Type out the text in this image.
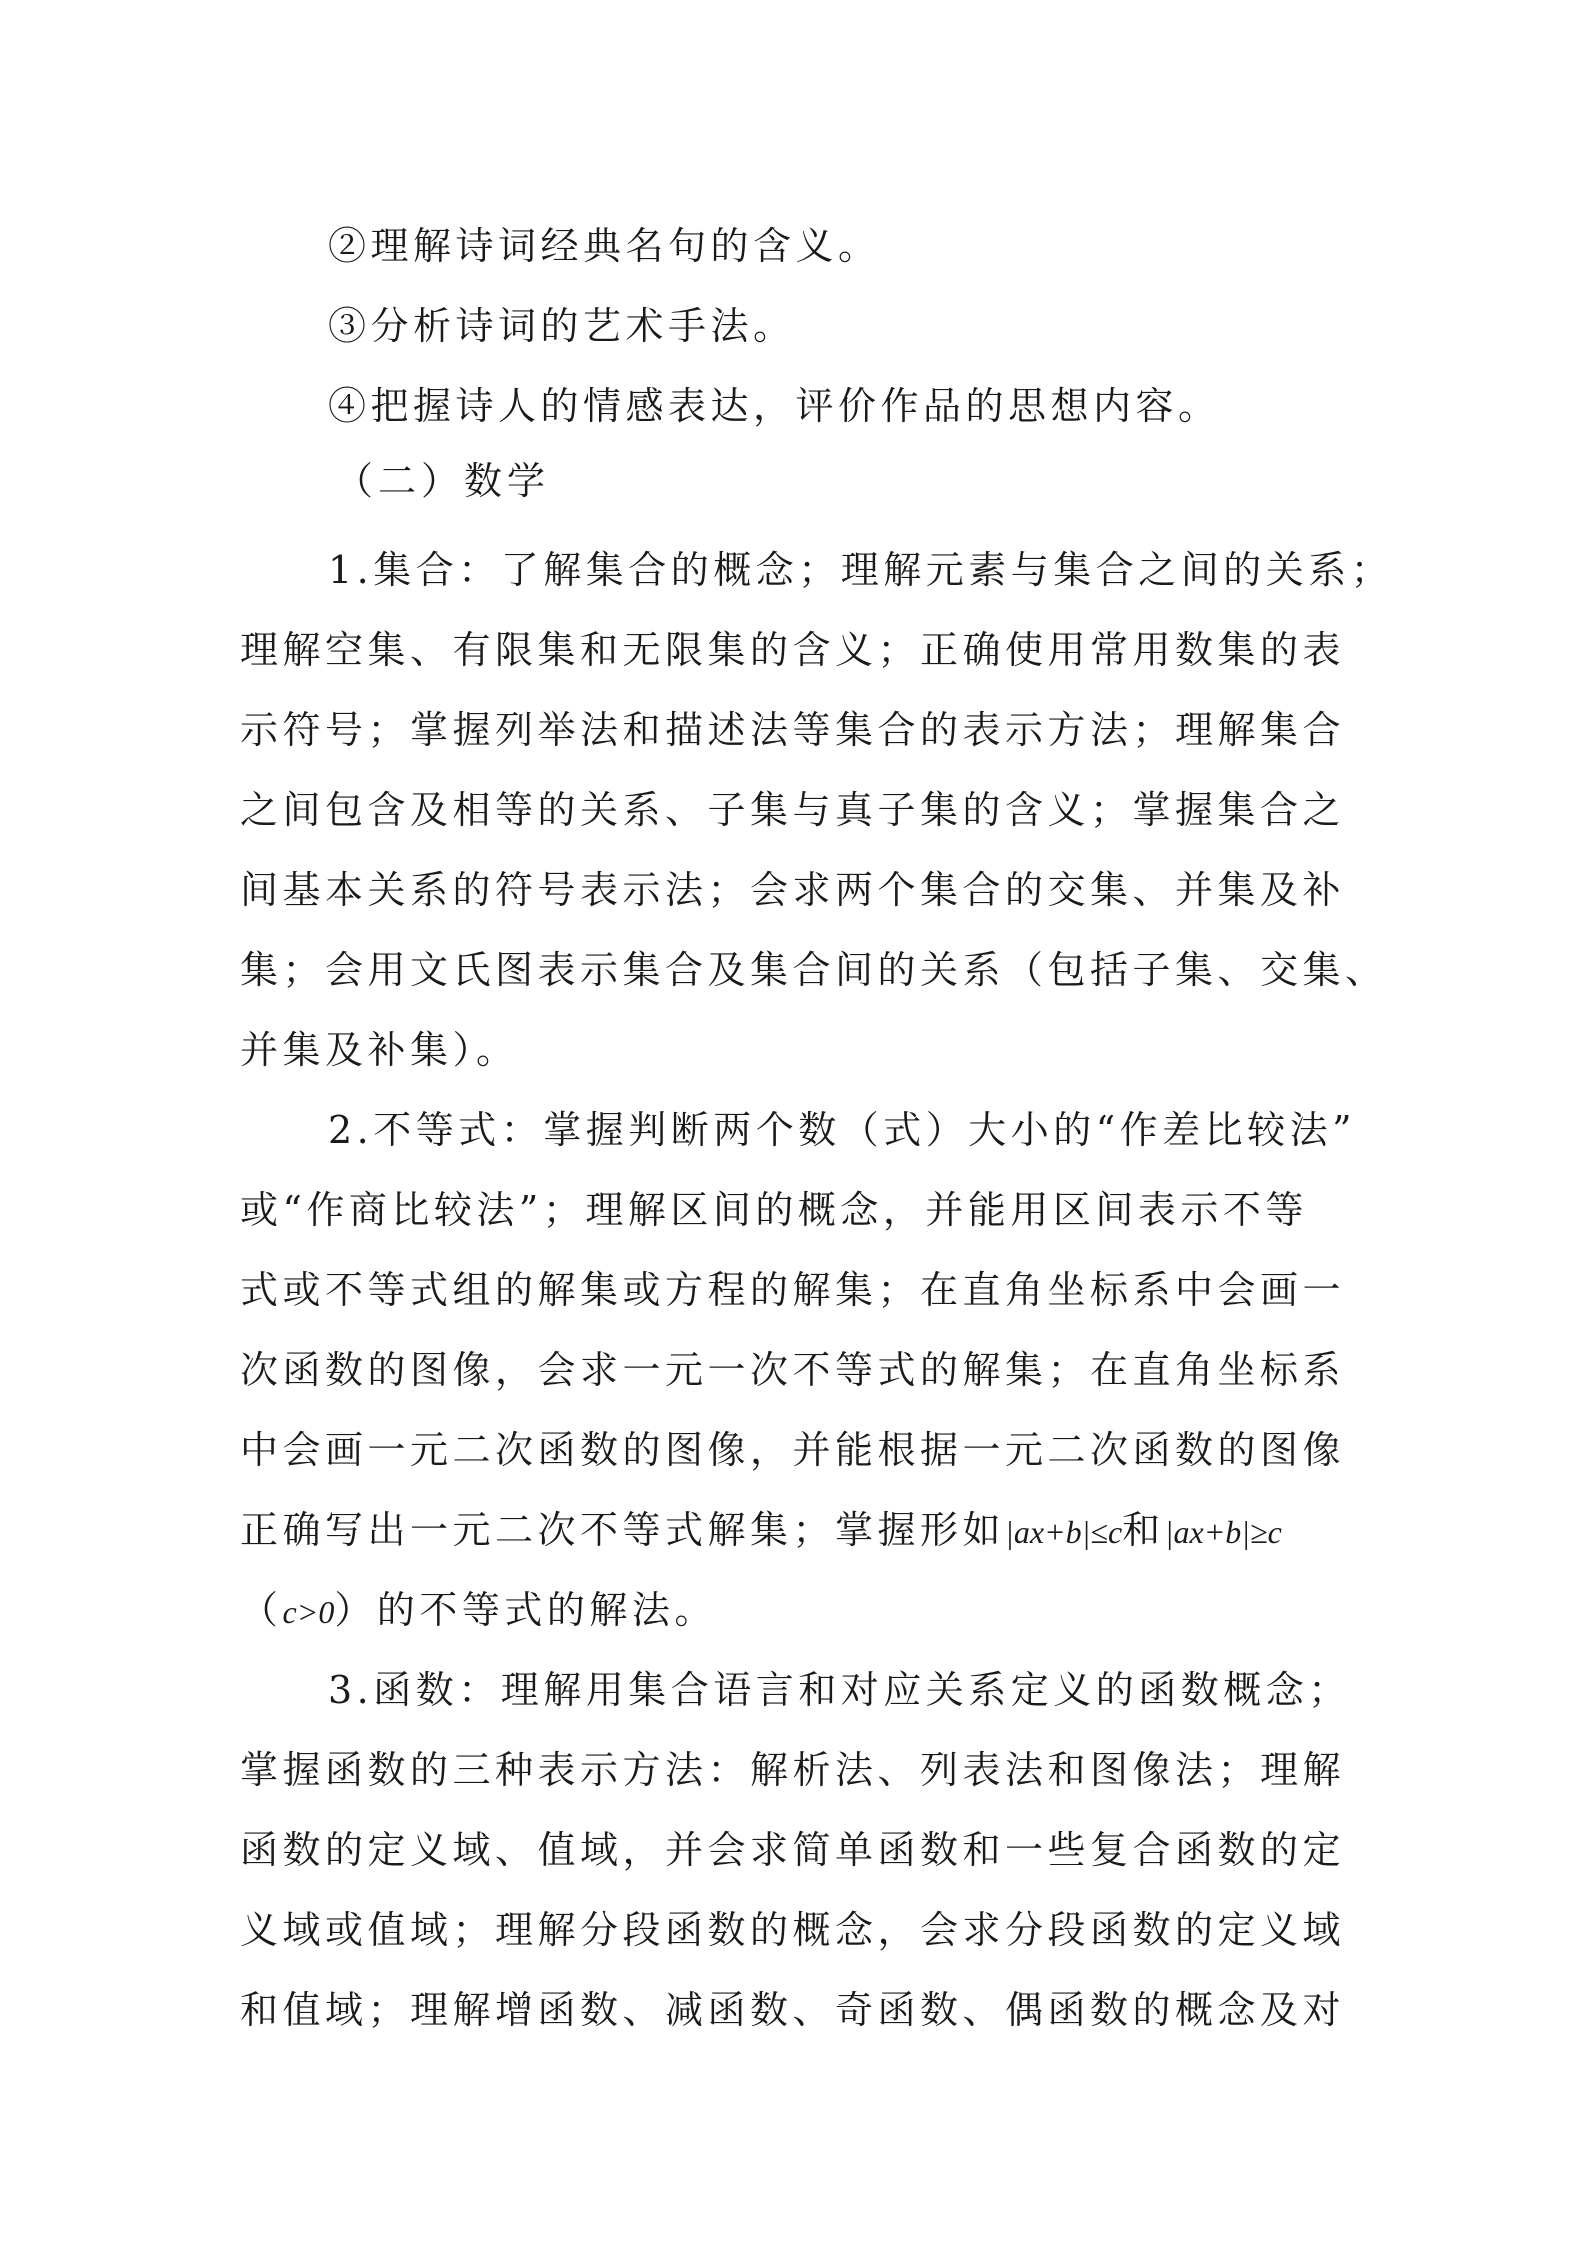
②理解诗词经典名句的含义。
③分析诗词的艺术手法。
④把握诗人的情感表达，评价作品的思想内容。
（二）数学
1.集合：了解集合的概念；理解元素与集合之间的关系；
理解空集、有限集和无限集的含义；正确使用常用数集的表
示符号；掌握列举法和描述法等集合的表示方法；理解集合
之间包含及相等的关系、子集与真子集的含义；掌握集合之
间基本关系的符号表示法；会求两个集合的交集、并集及补
集；会用文氏图表示集合及集合间的关系（包括子集、交集、
并集及补集）。
2.不等式：掌握判断两个数（式）大小的“作差比较法”
或“作商比较法”；理解区间的概念，并能用区间表示不等
式或不等式组的解集或方程的解集；在直角坐标系中会画一
次函数的图像，会求一元一次不等式的解集；在直角坐标系
中会画一元二次函数的图像，并能根据一元二次函数的图像
正确写出一元二次不等式解集；掌握形如|ax+b|≤c和|ax+b|≥c
（c>0）的不等式的解法。
3.函数：理解用集合语言和对应关系定义的函数概念；
掌握函数的三种表示方法：解析法、列表法和图像法；理解
函数的定义域、值域，并会求简单函数和一些复合函数的定
义域或值域；理解分段函数的概念，会求分段函数的定义域
和值域；理解增函数、减函数、奇函数、偶函数的概念及对
